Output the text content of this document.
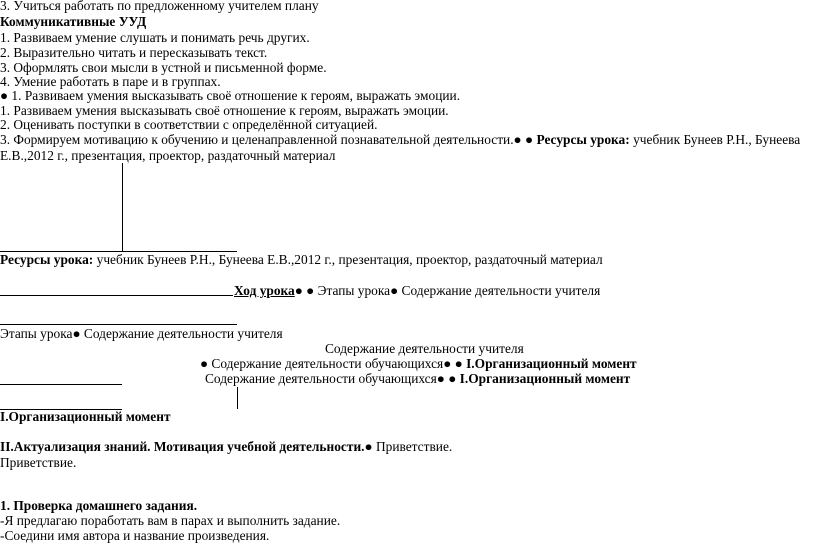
3. Учиться работать по предложенному учителем плану
Коммуникативные УУД
1. Развиваем умение слушать и понимать речь других.
2. Выразительно читать и пересказывать текст.
3. Оформлять свои мысли в устной и письменной форме.
4. Умение работать в паре и в группах.
● 1. Развиваем умения высказывать своё отношение к героям, выражать эмоции.
1. Развиваем умения высказывать своё отношение к героям, выражать эмоции.
2. Оценивать поступки в соответствии с определённой ситуацией.
3. Формируем мотивацию к обучению и целенаправленной познавательной деятельности.● ● Ресурсы урока: учебник Бунеев Р.Н., Бунеева
Е.В.,2012 г., презентация, проектор, раздаточный материал
Ресурсы урока: учебник Бунеев Р.Н., Бунеева Е.В.,2012 г., презентация, проектор, раздаточный материал
Ход урока● ● Этапы урока● Содержание деятельности учителя
Этапы урока● Содержание деятельности учителя
Содержание деятельности учителя
● Содержание деятельности обучающихся● ● I.Организационный момент
Содержание деятельности обучающихся● ● I.Организационный момент
I.Организационный момент
II.Актуализация знаний. Мотивация учебной деятельности.● Приветствие.
Приветствие.
1. Проверка домашнего задания.
-Я предлагаю поработать вам в парах и выполнить задание.
-Соедини имя автора и название произведения.
